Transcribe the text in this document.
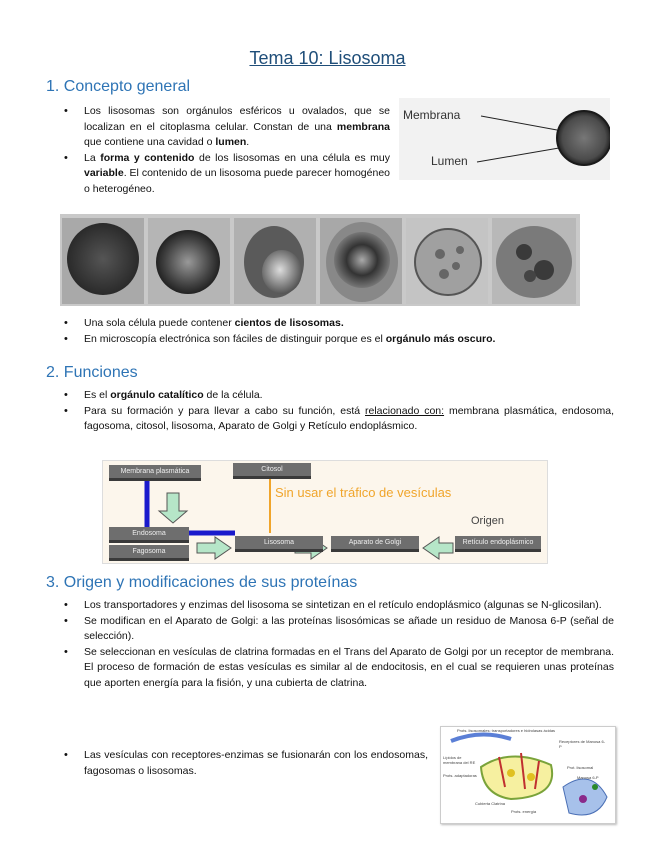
Tema 10: Lisosoma
1. Concepto general
• Los lisosomas son orgánulos esféricos u ovalados, que se localizan en el citoplasma celular. Constan de una membrana que contiene una cavidad o lumen.
• La forma y contenido de los lisosomas en una célula es muy variable. El contenido de un lisosoma puede parecer homogéneo o heterogéneo.
Membrana
Lumen
• Una sola célula puede contener cientos de lisosomas.
• En microscopía electrónica son fáciles de distinguir porque es el orgánulo más oscuro.
2. Funciones
• Es el orgánulo catalítico de la célula.
• Para su formación y para llevar a cabo su función, está relacionado con: membrana plasmática, endosoma, fagosoma, citosol, lisosoma, Aparato de Golgi y Retículo endoplásmico.
Membrana plasmática	Citosol
Sin usar el tráfico de vesículas
Origen
Endosoma
Fagosoma
Lisosoma	Aparato de Golgi	Retículo endoplásmico
3. Origen y modificaciones de sus proteínas
• Los transportadores y enzimas del lisosoma se sintetizan en el retículo endoplásmico (algunas se N-glicosilan).
• Se modifican en el Aparato de Golgi: a las proteínas lisosómicas se añade un residuo de Manosa 6-P (señal de selección).
• Se seleccionan en vesículas de clatrina formadas en el Trans del Aparato de Golgi por un receptor de membrana. El proceso de formación de estas vesículas es similar al de endocitosis, en el cual se requieren unas proteínas que aporten energía para la fisión, y una cubierta de clatrina.
• Las vesículas con receptores-enzimas se fusionarán con los endosomas, fagosomas o lisosomas.
Prots. lisosomales: transportadores e hidrolasas ácidas
Receptores de Manosa 6-P
Lípidos de membrana del RE
Prots. adaptadoras
Prot. lisosomal
Manosa 6-P
Cubierta Clatrina
Prots. energía
